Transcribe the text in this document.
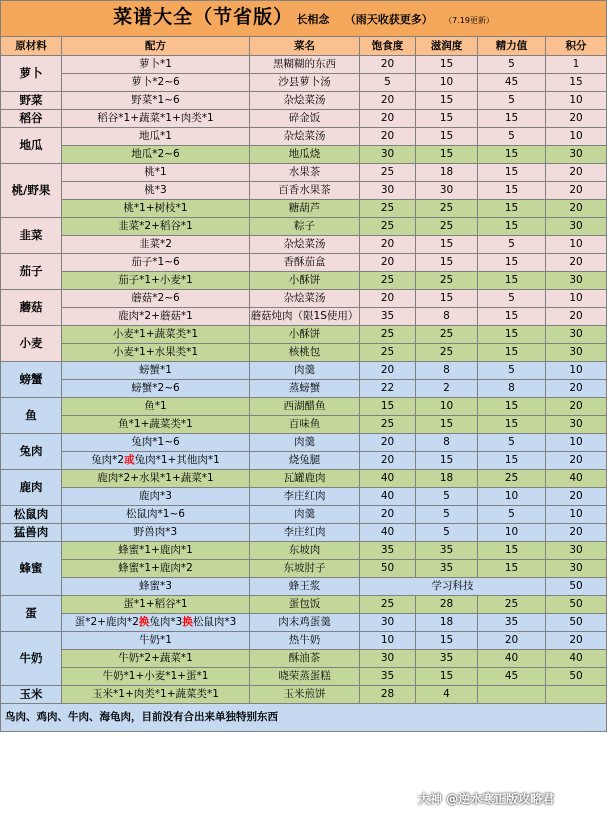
菜谱大全（节省版） 长相念 （雨天收获更多） （7.19更新）						
原材料	配方	菜名	饱食度	滋润度	精力值	积分
萝卜	萝卜*1	黑糊糊的东西	20	15	5	1
	萝卜*2~6	沙县萝卜汤	5	10	45	15
野菜	野菜*1~6	杂烩菜汤	20	15	5	10
稻谷	稻谷*1+蔬菜*1+肉类*1	碎金饭	20	15	15	20
地瓜	地瓜*1	杂烩菜汤	20	15	5	10
	地瓜*2~6	地瓜烧	30	15	15	30
桃/野果	桃*1	水果茶	25	18	15	20
	桃*3	百香水果茶	30	30	15	20
	桃*1+树枝*1	糖葫芦	25	25	15	20
韭菜	韭菜*2+稻谷*1	粽子	25	25	15	30
	韭菜*2	杂烩菜汤	20	15	5	10
茄子	茄子*1~6	香酥茄盒	20	15	15	20
	茄子*1+小麦*1	小酥饼	25	25	15	30
蘑菇	蘑菇*2~6	杂烩菜汤	20	15	5	10
	鹿肉*2+蘑菇*1	蘑菇炖肉（限1S使用）	35	8	15	20
小麦	小麦*1+蔬菜类*1	小酥饼	25	25	15	30
	小麦*1+水果类*1	核桃包	25	25	15	30
螃蟹	螃蟹*1	肉羹	20	8	5	10
	螃蟹*2~6	蒸螃蟹	22	2	8	20
鱼	鱼*1	西湖醋鱼	15	10	15	20
	鱼*1+蔬菜类*1	百味鱼	25	15	15	30
兔肉	兔肉*1~6	肉羹	20	8	5	10
	兔肉*2或兔肉*1+其他肉*1	烧兔腿	20	15	15	20
鹿肉	鹿肉*2+水果*1+蔬菜*1	瓦罐鹿肉	40	18	25	40
	鹿肉*3	李庄红肉	40	5	10	20
松鼠肉	松鼠肉*1~6	肉羹	20	5	5	10
猛兽肉	野兽肉*3	李庄红肉	40	5	10	20
蜂蜜	蜂蜜*1+鹿肉*1	东坡肉	35	35	15	30
	蜂蜜*1+鹿肉*2	东坡肘子	50	35	15	30
	蜂蜜*3	蜂王浆	学习科技			50
蛋	蛋*1+稻谷*1	蛋包饭	25	28	25	50
	蛋*2+鹿肉*2换兔肉*3换松鼠肉*3	肉末鸡蛋羹	30	18	35	50
牛奶	牛奶*1	热牛奶	10	15	20	20
	牛奶*2+蔬菜*1	酥油茶	30	35	40	40
	牛奶*1+小麦*1+蛋*1	哓荣蒸蛋糕	35	15	45	50
玉米	玉米*1+肉类*1+蔬菜类*1	玉米煎饼	28	4		
鸟肉、鸡肉、牛肉、海龟肉，目前没有合出来单独特别东西						
大神 @逆水寒正版攻略君
